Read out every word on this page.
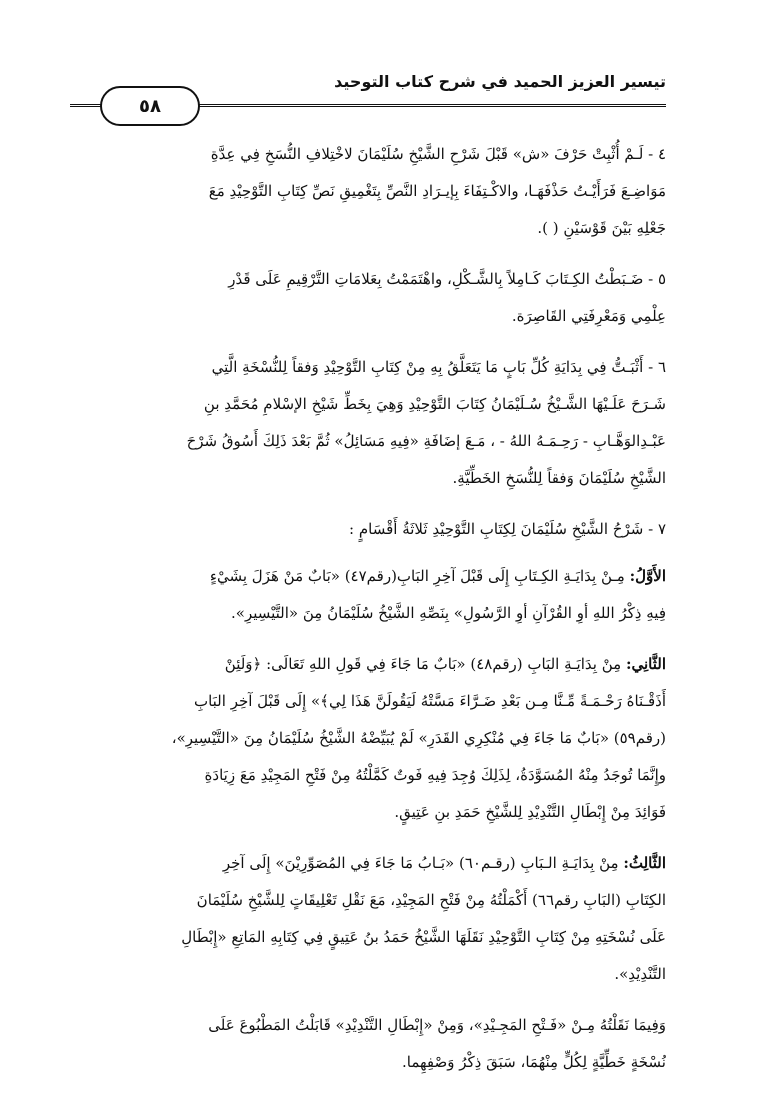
تيسير العزيز الحميد في شرح كتاب التوحيد
٥٨

٤ - لَـمْ أُثْبِتْ حَرْفَ «ش» قَبْلَ شَرْحِ الشَّيْخِ سُلَيْمَانَ لاخْتِلافِ النُّسَخِ فِي عِدَّةِ
مَوَاضِـعَ فَرَأَيْـتُ حَذْفَهَـا، والاكْـتِفَاءَ بِإيـرَادِ النَّصِّ بِتَغْمِيقِ نَصِّ كِتَابِ التَّوْحِيْدِ مَعَ
جَعْلِهِ بَيْنَ قَوْسَيْنِ ( ).

٥ - ضَـبَطْتُ الكِـتَابَ كَـامِلاً بِالشَّـكْلِ، واهْتَمَمْتُ بِعَلامَاتِ التَّرْقِيمِ عَلَى قَدْرِ
عِلْمِي وَمَعْرِفَتِي القَاصِرَة.

٦ - أَثْبَـتُّ فِي بِدَايَةِ كُلِّ بَابٍ مَا يَتَعَلَّقُ بِهِ مِنْ كِتَابِ التَّوْحِيْدِ وَفقاً لِلنُّسْخَةِ الَّتِي
شَـرَحَ عَلَـيْهَا الشَّـيْخُ سُـلَيْمَانُ كِتَابَ التَّوْحِيْدِ وَهِيَ بِخَطِّ شَيْخِ الإسْلامِ مُحَمَّدِ بنِ
عَبْـدِالوَهَّـابِ - رَحِـمَـهُ اللهُ - ، مَـعَ إضَافَةِ «فِيهِ مَسَائِلُ» ثُمَّ بَعْدَ ذَلِكَ أَسُوقُ شَرْحَ
الشَّيْخِ سُلَيْمَانَ وَفقاً لِلنُّسَخِ الخَطِّيَّةِ.

٧ - شَرْحُ الشَّيْخِ سُلَيْمَانَ لِكِتَابِ التَّوْحِيْدِ ثَلاثَةُ أَقْسَامٍ :

الأَوَّلُ: مِـنْ بِدَايَـةِ الكِـتَابِ إِلَى قَبْلَ آخِرِ البَابِ(رقم٤٧) «بَابٌ مَنْ هَزَلَ بِشَيْءٍ
فِيهِ ذِكْرُ اللهِ أوِ القُرْآنِ أوِ الرَّسُولِ» بِنَصِّهِ الشَّيْخُ سُلَيْمَانُ مِنَ «التَّيْسِيرِ».

الثَّانِي: مِنْ بِدَايَـةِ البَابِ (رقم٤٨) «بَابٌ مَا جَاءَ فِي قَولِ اللهِ تَعَالَى: ﴿وَلَئِنْ
أَذَقْـنَاهُ رَحْـمَـةً مِّـنَّا مِـن بَعْدِ ضَـرَّاءَ مَسَّتْهُ لَيَقُولَنَّ هَذَا لِي﴾» إِلَى قَبْلَ آخِرِ البَابِ
(رقم٥٩) «بَابٌ مَا جَاءَ فِي مُنْكِرِي القَدَرِ» لَمْ يُبَيِّضْهُ الشَّيْخُ سُلَيْمَانُ مِنَ «التَّيْسِيرِ»،
وإِنَّمَا تُوجَدُ مِنْهُ المُسَوَّدَةُ، لِذَلِكَ وُجِدَ فِيهِ فَوتٌ كَمَّلْتُهُ مِنْ فَتْحِ المَجِيْدِ مَعَ زِيَادَةِ
فَوَائِدَ مِنْ إِبْطَالِ التَّنْدِيْدِ لِلشَّيْخِ حَمَدِ بنِ عَتِيقٍ.

الثَّالِثُ: مِنْ بِدَايَـةِ الـبَابِ (رقـم٦٠) «بَـابُ مَا جَاءَ فِي المُصَوِّرِيْنَ» إِلَى آخِرِ
الكِتَابِ (البَابِ رقم٦٦) أَكْمَلْتُهُ مِنْ فَتْحِ المَجِيْدِ، مَعَ نَقْلِ تَعْلِيقَاتٍ لِلشَّيْخِ سُلَيْمَانَ
عَلَى نُسْخَتِهِ مِنْ كِتَابِ التَّوْحِيْدِ نَقَلَهَا الشَّيْخُ حَمَدُ بنُ عَتِيقٍ فِي كِتَابِهِ المَاتِعِ «إِبْطَالِ
التَّنْدِيْدِ».

وَفِيمَا نَقَلْتُهُ مِـنْ «فَـتْحِ المَجِـيْدِ»، وَمِنْ «إِبْطَالِ التَّنْدِيْدِ» قَابَلْتُ المَطْبُوعَ عَلَى
نُسْخَةٍ خَطِّيَّةٍ لِكُلٍّ مِنْهُمَا، سَبَقَ ذِكْرُ وَصْفِهِما.
